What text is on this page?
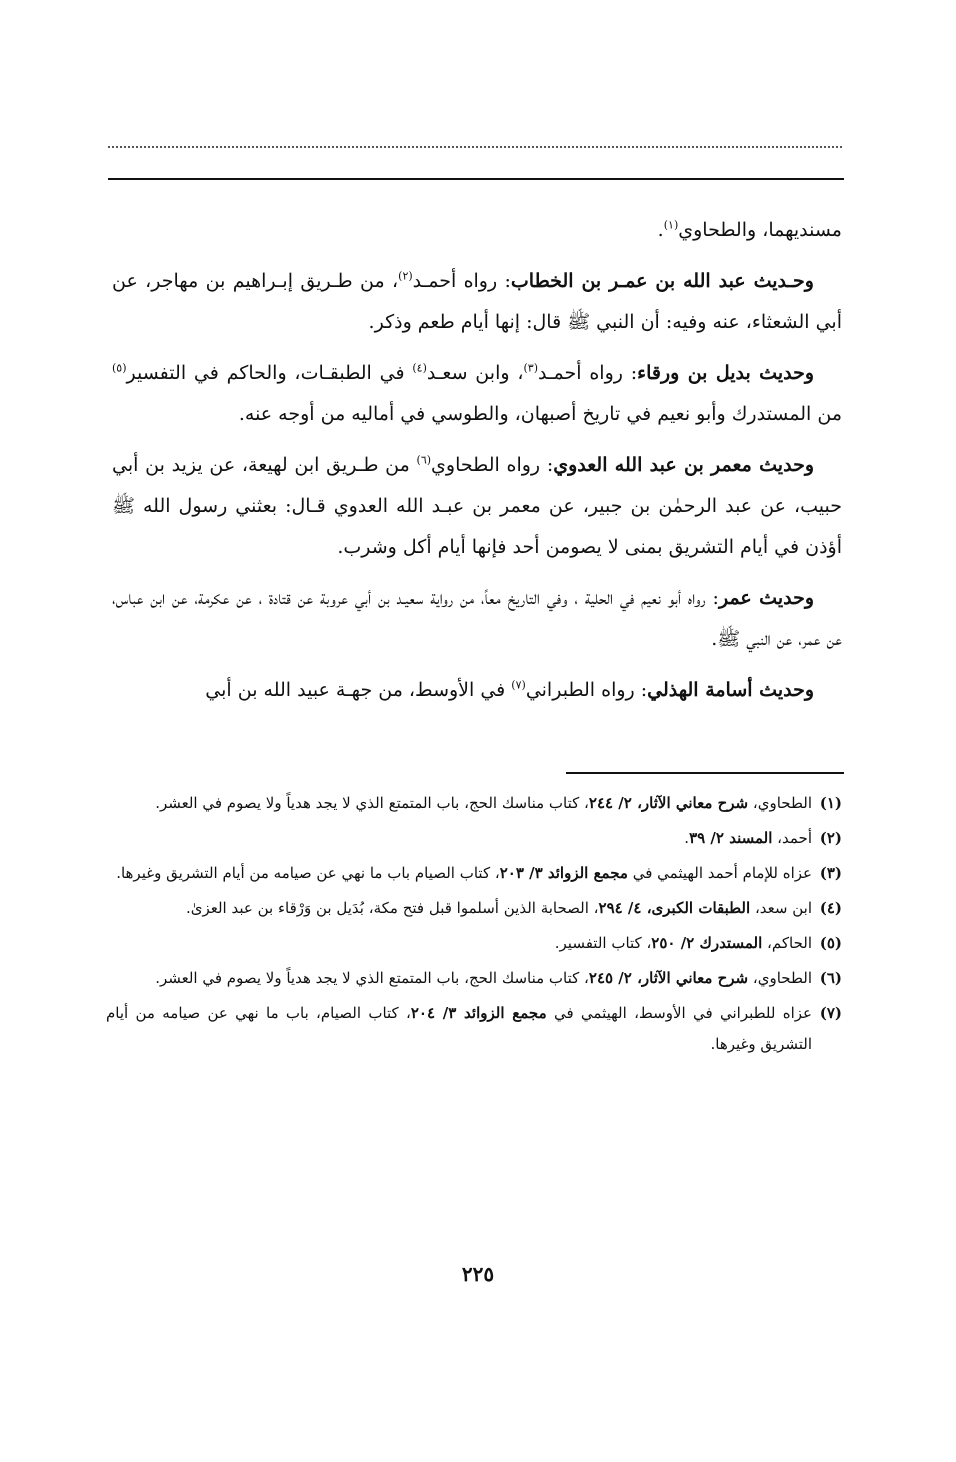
مسنديهما، والطحاوي$^{(١)}$.

وحـديث عبد الله بن عمـر بن الخطاب: رواه أحمـد$^{(٢)}$، من طـريق إبـراهيم بن مهاجر، عن أبي الشعثاء، عنه وفيه: أن النبي ﷺ قال: إنها أيام طعم وذكر.

وحديث بديل بن ورقاء: رواه أحمـد$^{(٣)}$، وابن سعـد$^{(٤)}$ في الطبقـات، والحاكم في التفسير$^{(٥)}$ من المستدرك وأبو نعيم في تاريخ أصبهان، والطوسي في أماليه من أوجه عنه.

وحديث معمر بن عبد الله العدوي: رواه الطحاوي$^{(٦)}$ من طـريق ابن لهيعة، عن يزيد بن أبي حبيب، عن عبد الرحمٰن بن جبير، عن معمر بن عبـد الله العدوي قـال: بعثني رسول الله ﷺ أؤذن في أيام التشريق بمنى لا يصومن أحد فإنها أيام أكل وشرب.

وحديث عمر: رواه أبو نعيم في الحلية ، وفي التاريخ معاً، من رواية سعيـد بن أبي عروبة عن قتادة ، عن عكرمة، عن ابن عباس، عن عمر، عن النبي ﷺ.

وحديث أسامة الهذلي: رواه الطبراني$^{(٧)}$ في الأوسط، من جهـة عبيد الله بن أبي

(١)
الطحاوي، شرح معاني الآثار، ٢/ ٢٤٤، كتاب مناسك الحج، باب المتمتع الذي لا يجد هدياً ولا يصوم في العشر.
(٢)
أحمد، المسند ٢/ ٣٩.
(٣)
عزاه للإمام أحمد الهيثمي في مجمع الزوائد ٣/ ٢٠٣، كتاب الصيام باب ما نهي عن صيامه من أيام التشريق وغيرها.
(٤)
ابن سعد، الطبقات الكبرى، ٤/ ٢٩٤، الصحابة الذين أسلموا قبل فتح مكة، بُدَيل بن وَرْقاء بن عبد العزىٰ.
(٥)
الحاكم، المستدرك ٢/ ٢٥٠، كتاب التفسير.
(٦)
الطحاوي، شرح معاني الآثار، ٢/ ٢٤٥، كتاب مناسك الحج، باب المتمتع الذي لا يجد هدياً ولا يصوم في العشر.
(٧)
عزاه للطبراني في الأوسط، الهيثمي في مجمع الزوائد ٣/ ٢٠٤، كتاب الصيام، باب ما نهي عن صيامه من أيام التشريق وغيرها.
٢٢٥
